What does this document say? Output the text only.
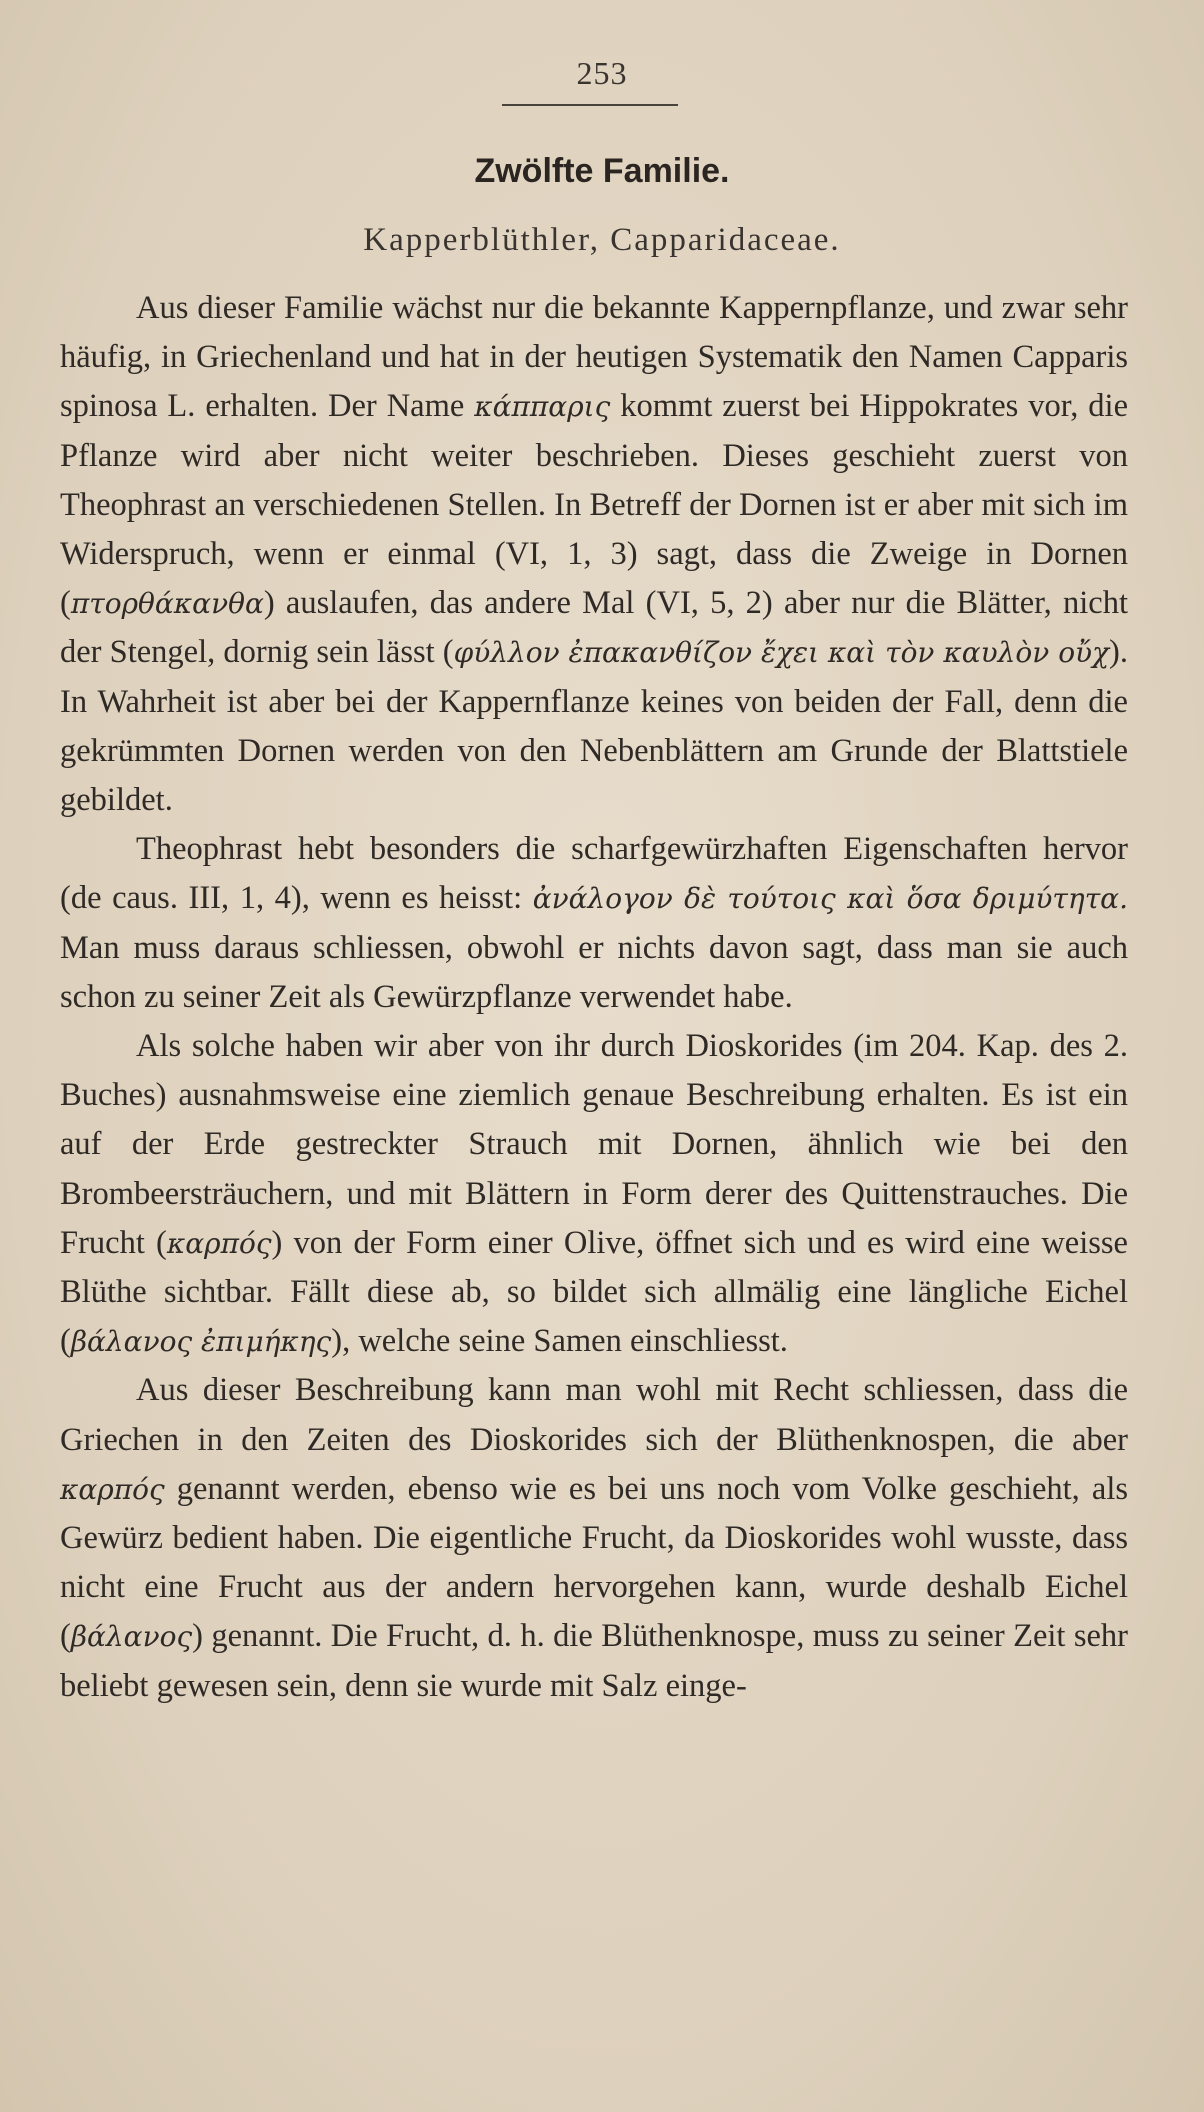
253
Zwölfte Familie.
Kapperblüthler, Capparidaceae.

Aus dieser Familie wächst nur die bekannte Kappernpflanze, und zwar sehr häufig, in Griechenland und hat in der heutigen Systematik den Namen Capparis spinosa L. erhalten. Der Name κάππαρις kommt zuerst bei Hippokrates vor, die Pflanze wird aber nicht weiter beschrieben. Dieses geschieht zuerst von Theophrast an verschiedenen Stellen. In Betreff der Dornen ist er aber mit sich im Widerspruch, wenn er einmal (VI, 1, 3) sagt, dass die Zweige in Dornen (πτορθάκανθα) auslaufen, das andere Mal (VI, 5, 2) aber nur die Blätter, nicht der Stengel, dornig sein lässt (φύλλον ἐπακανθίζον ἔχει καὶ τὸν καυλὸν οὔχ). In Wahrheit ist aber bei der Kappernflanze keines von beiden der Fall, denn die gekrümmten Dornen werden von den Nebenblättern am Grunde der Blattstiele gebildet.

Theophrast hebt besonders die scharfgewürzhaften Eigenschaften hervor (de caus. III, 1, 4), wenn es heisst: ἀνάλογον δὲ τούτοις καὶ ὅσα δριμύτητα. Man muss daraus schliessen, obwohl er nichts davon sagt, dass man sie auch schon zu seiner Zeit als Gewürzpflanze verwendet habe.

Als solche haben wir aber von ihr durch Dioskorides (im 204. Kap. des 2. Buches) ausnahmsweise eine ziemlich genaue Beschreibung erhalten. Es ist ein auf der Erde gestreckter Strauch mit Dornen, ähnlich wie bei den Brombeersträuchern, und mit Blättern in Form derer des Quittenstrauches. Die Frucht (καρπός) von der Form einer Olive, öffnet sich und es wird eine weisse Blüthe sichtbar. Fällt diese ab, so bildet sich allmälig eine längliche Eichel (βάλανος ἐπιμήκης), welche seine Samen einschliesst.

Aus dieser Beschreibung kann man wohl mit Recht schliessen, dass die Griechen in den Zeiten des Dioskorides sich der Blüthenknospen, die aber καρπός genannt werden, ebenso wie es bei uns noch vom Volke geschieht, als Gewürz bedient haben. Die eigentliche Frucht, da Dioskorides wohl wusste, dass nicht eine Frucht aus der andern hervorgehen kann, wurde deshalb Eichel (βάλανος) genannt. Die Frucht, d. h. die Blüthenknospe, muss zu seiner Zeit sehr beliebt gewesen sein, denn sie wurde mit Salz einge-
